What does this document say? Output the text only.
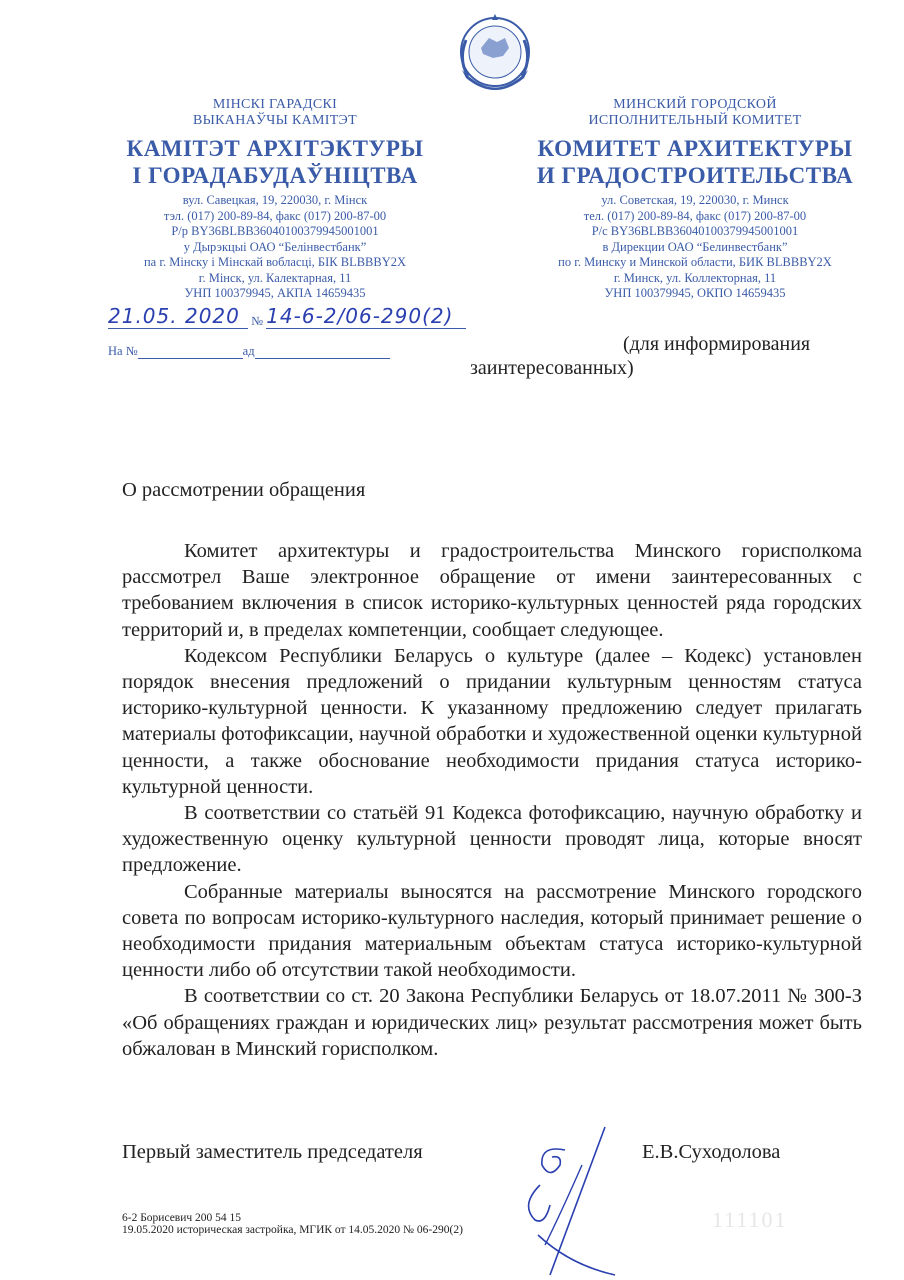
МІНСКІ ГАРАДСКІ
ВЫКАНАЎЧЫ КАМІТЭТ
КАМІТЭТ АРХІТЭКТУРЫ
І ГОРАДАБУДАЎНІЦТВА
вул. Савецкая, 19, 220030, г. Мінск
тэл. (017) 200-89-84, факс (017) 200-87-00
Р/р BY36BLBB36040100379945001001
у Дырэкцыі ОАО “Белінвестбанк”
па г. Мінску і Мінскай вобласці, БІК BLBBBY2X
г. Мінск, ул. Калектарная, 11
УНП 100379945, АКПА 14659435
МИНСКИЙ ГОРОДСКОЙ
ИСПОЛНИТЕЛЬНЫЙ КОМИТЕТ
КОМИТЕТ АРХИТЕКТУРЫ
И ГРАДОСТРОИТЕЛЬСТВА
ул. Советская, 19, 220030, г. Минск
тел. (017) 200-89-84, факс (017) 200-87-00
Р/с BY36BLBB36040100379945001001
в Дирекции ОАО “Белинвестбанк”
по г. Минску и Минской области, БИК BLBBBY2X
г. Минск, ул. Коллекторная, 11
УНП 100379945, ОКПО 14659435
21.05. 2020 № 14-6-2/06-290(2)
На №	ад	(для информирования
заинтересованных)
О рассмотрении обращения

Комитет архитектуры и градостроительства Минского горисполкома рассмотрел Ваше электронное обращение от имени заинтересованных с требованием включения в список историко-культурных ценностей ряда городских территорий и, в пределах компетенции, сообщает следующее.

Кодексом Республики Беларусь о культуре (далее – Кодекс) установлен порядок внесения предложений о придании культурным ценностям статуса историко-культурной ценности. К указанному предложению следует прилагать материалы фотофиксации, научной обработки и художественной оценки культурной ценности, а также обоснование необходимости придания статуса историко-культурной ценности.

В соответствии со статьёй 91 Кодекса фотофиксацию, научную обработку и художественную оценку культурной ценности проводят лица, которые вносят предложение.

Собранные материалы выносятся на рассмотрение Минского городского совета по вопросам историко-культурного наследия, который принимает решение о необходимости придания материальным объектам статуса историко-культурной ценности либо об отсутствии такой необходимости.

В соответствии со ст. 20 Закона Республики Беларусь от 18.07.2011 № 300-З «Об обращениях граждан и юридических лиц» результат рассмотрения может быть обжалован в Минский горисполком.

Первый заместитель председателя	Е.В.Суходолова
6-2 Борисевич 200 54 15
19.05.2020 историческая застройка, МГИК от 14.05.2020 № 06-290(2)	111101
